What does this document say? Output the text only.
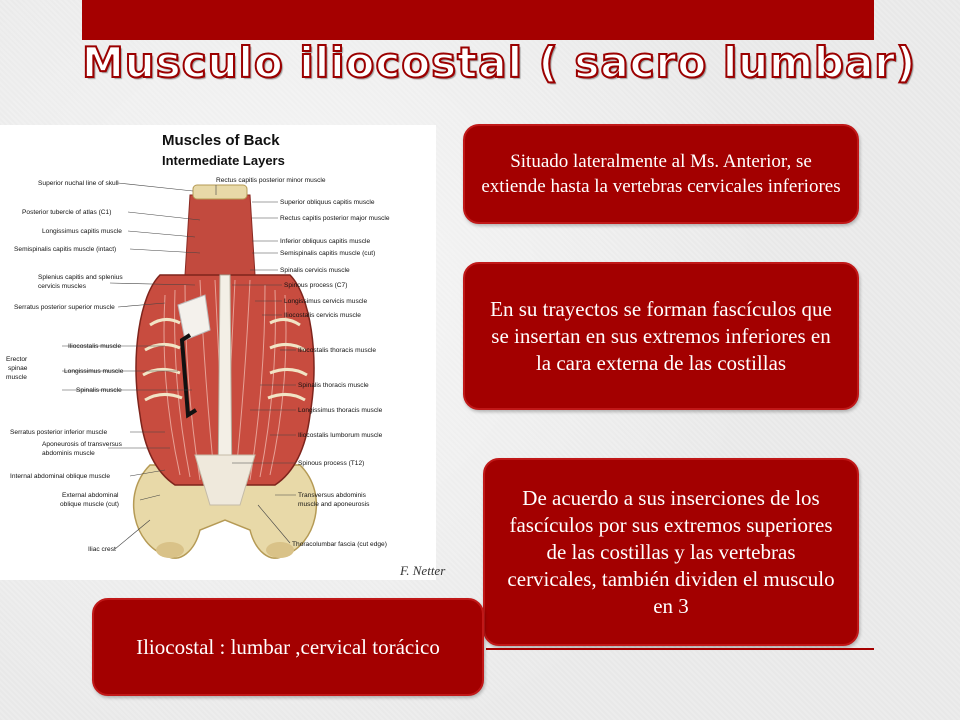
Musculo iliocostal ( sacro lumbar)
Muscles of Back
Intermediate Layers
Superior nuchal line of skull
Posterior tubercle of atlas (C1)
Longissimus capitis muscle
Semispinalis capitis muscle (intact)
Splenius capitis and splenius
cervicis muscles
Serratus posterior superior muscle
Iliocostalis muscle
Longissimus muscle
Spinalis muscle
Serratus posterior inferior muscle
Aponeurosis of transversus
abdominis muscle
Internal abdominal oblique muscle
External abdominal
oblique muscle (cut)
Iliac crest
Erector
spinae
muscle
Rectus capitis posterior minor muscle
Superior obliquus capitis muscle
Rectus capitis posterior major muscle
Inferior obliquus capitis muscle
Semispinalis capitis muscle (cut)
Spinalis cervicis muscle
Spinous process (C7)
Longissimus cervicis muscle
Iliocostalis cervicis muscle
Iliocostalis thoracis muscle
Spinalis thoracis muscle
Longissimus thoracis muscle
Iliocostalis lumborum muscle
Spinous process (T12)
Transversus abdominis
muscle and aponeurosis
Thoracolumbar fascia (cut edge)
F. Netter
Situado lateralmente al Ms. Anterior, se extiende hasta la vertebras cervicales inferiores
En su trayectos se forman fascículos que se insertan en sus extremos inferiores en la cara externa de las costillas
De acuerdo a sus inserciones de los fascículos por sus extremos superiores de las costillas y las vertebras cervicales, también dividen el musculo en 3
Iliocostal : lumbar ,cervical torácico
